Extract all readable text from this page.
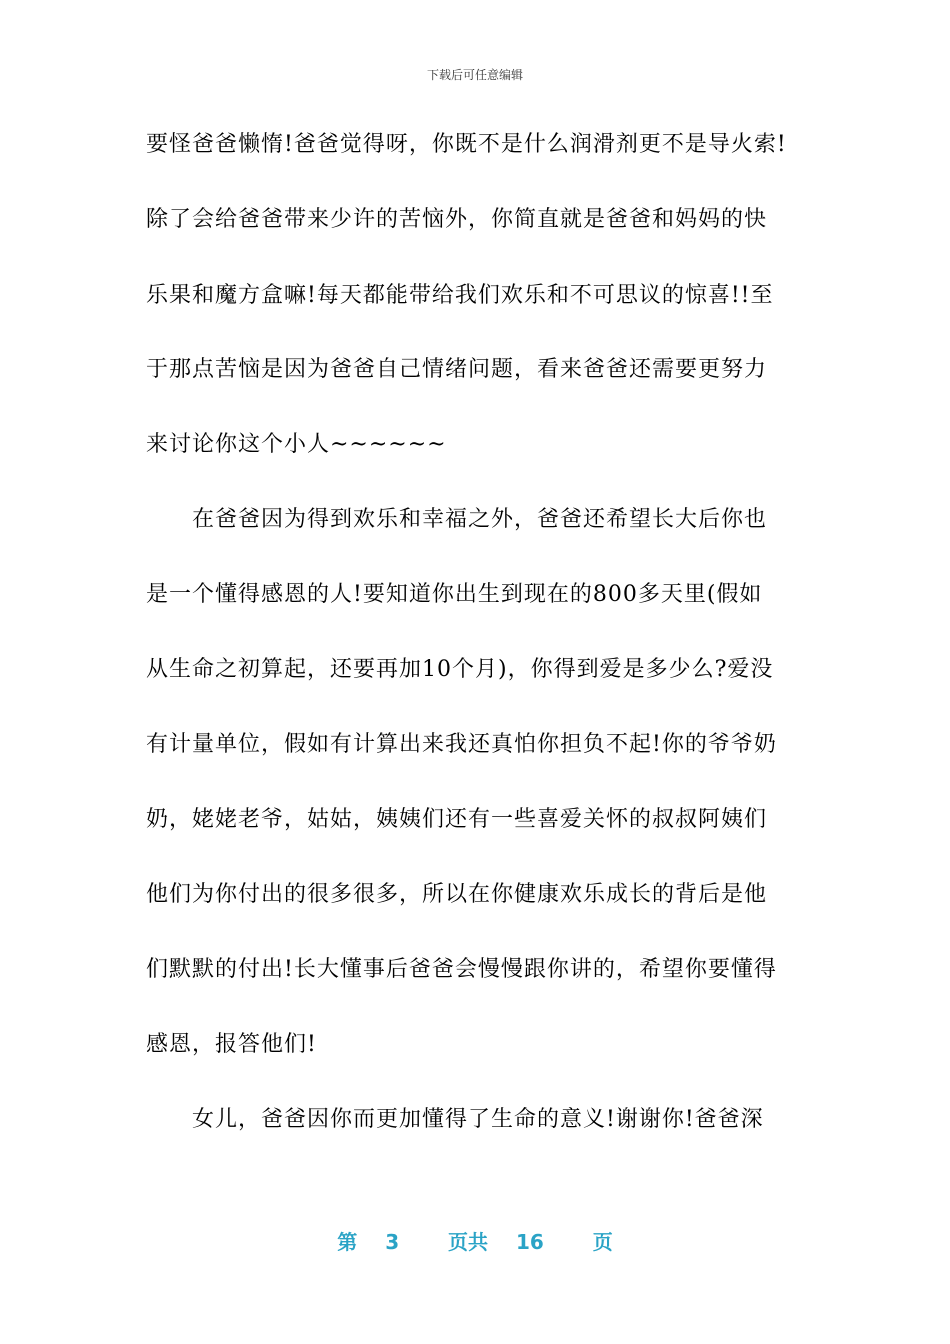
下载后可任意编辑
要怪爸爸懒惰!爸爸觉得呀，你既不是什么润滑剂更不是导火索!
除了会给爸爸带来少许的苦恼外，你简直就是爸爸和妈妈的快
乐果和魔方盒嘛!每天都能带给我们欢乐和不可思议的惊喜!!至
于那点苦恼是因为爸爸自己情绪问题，看来爸爸还需要更努力
来讨论你这个小人~~~~~~
在爸爸因为得到欢乐和幸福之外，爸爸还希望长大后你也
是一个懂得感恩的人!要知道你出生到现在的800多天里(假如
从生命之初算起，还要再加10个月)，你得到爱是多少么?爱没
有计量单位，假如有计算出来我还真怕你担负不起!你的爷爷奶
奶，姥姥老爷，姑姑，姨姨们还有一些喜爱关怀的叔叔阿姨们
他们为你付出的很多很多，所以在你健康欢乐成长的背后是他
们默默的付出!长大懂事后爸爸会慢慢跟你讲的，希望你要懂得
感恩，报答他们!
女儿，爸爸因你而更加懂得了生命的意义!谢谢你!爸爸深
第 3 页共 16 页
